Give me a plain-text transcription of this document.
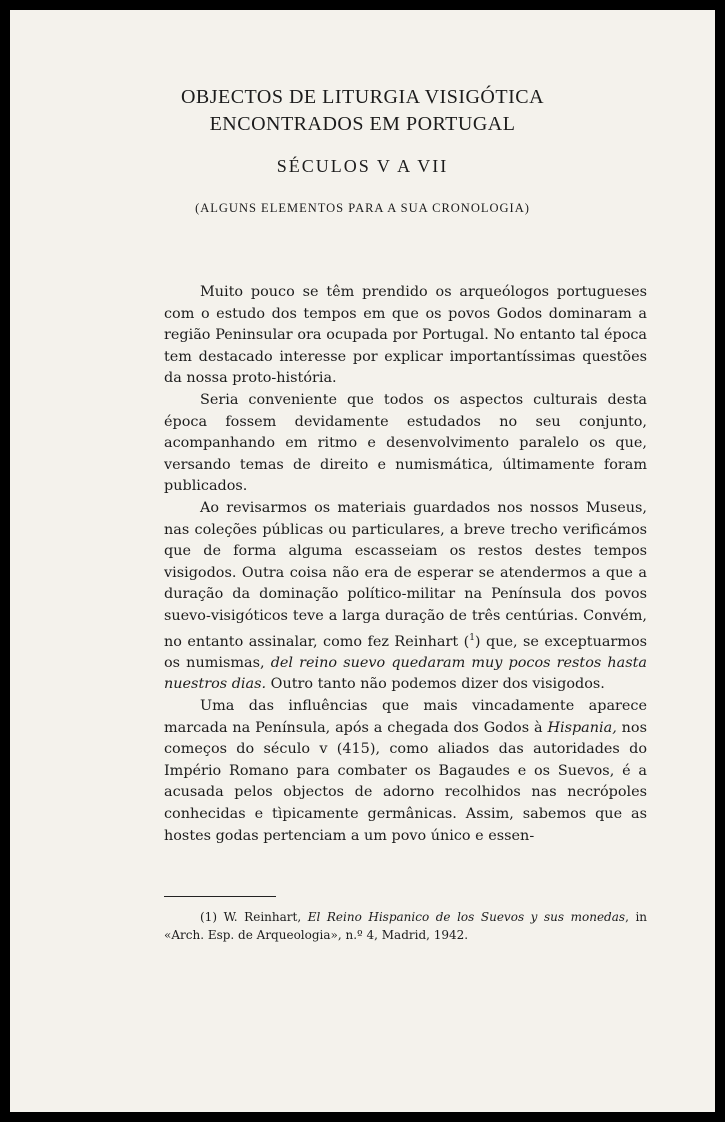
OBJECTOS DE LITURGIA VISIGÓTICA
ENCONTRADOS EM PORTUGAL
SÉCULOS V A VII
(ALGUNS ELEMENTOS PARA A SUA CRONOLOGIA)

Muito pouco se têm prendido os arqueólogos portugueses com o estudo dos tempos em que os povos Godos dominaram a região Peninsular ora ocupada por Portugal. No entanto tal época tem destacado interesse por explicar importantíssimas questões da nossa proto-história.

Seria conveniente que todos os aspectos culturais desta época fossem devidamente estudados no seu conjunto, acompanhando em ritmo e desenvolvimento paralelo os que, versando temas de direito e numismática, últimamente foram publicados.

Ao revisarmos os materiais guardados nos nossos Museus, nas coleções públicas ou particulares, a breve trecho verificámos que de forma alguma escasseiam os restos destes tempos visigodos. Outra coisa não era de esperar se atendermos a que a duração da dominação político-militar na Península dos povos suevo-visigóticos teve a larga duração de três centúrias. Convém, no entanto assinalar, como fez Reinhart ($^1$) que, se exceptuarmos os numismas, del reino suevo quedaram muy pocos restos hasta nuestros dias. Outro tanto não podemos dizer dos visigodos.

Uma das influências que mais vincadamente aparece marcada na Península, após a chegada dos Godos à Hispania, nos começos do século v (415), como aliados das autoridades do Império Romano para combater os Bagaudes e os Suevos, é a acusada pelos objectos de adorno recolhidos nas necrópoles conhecidas e tìpicamente germânicas. Assim, sabemos que as hostes godas pertenciam a um povo único e essen-

(1) W. Reinhart, El Reino Hispanico de los Suevos y sus monedas, in «Arch. Esp. de Arqueologia», n.º 4, Madrid, 1942.
